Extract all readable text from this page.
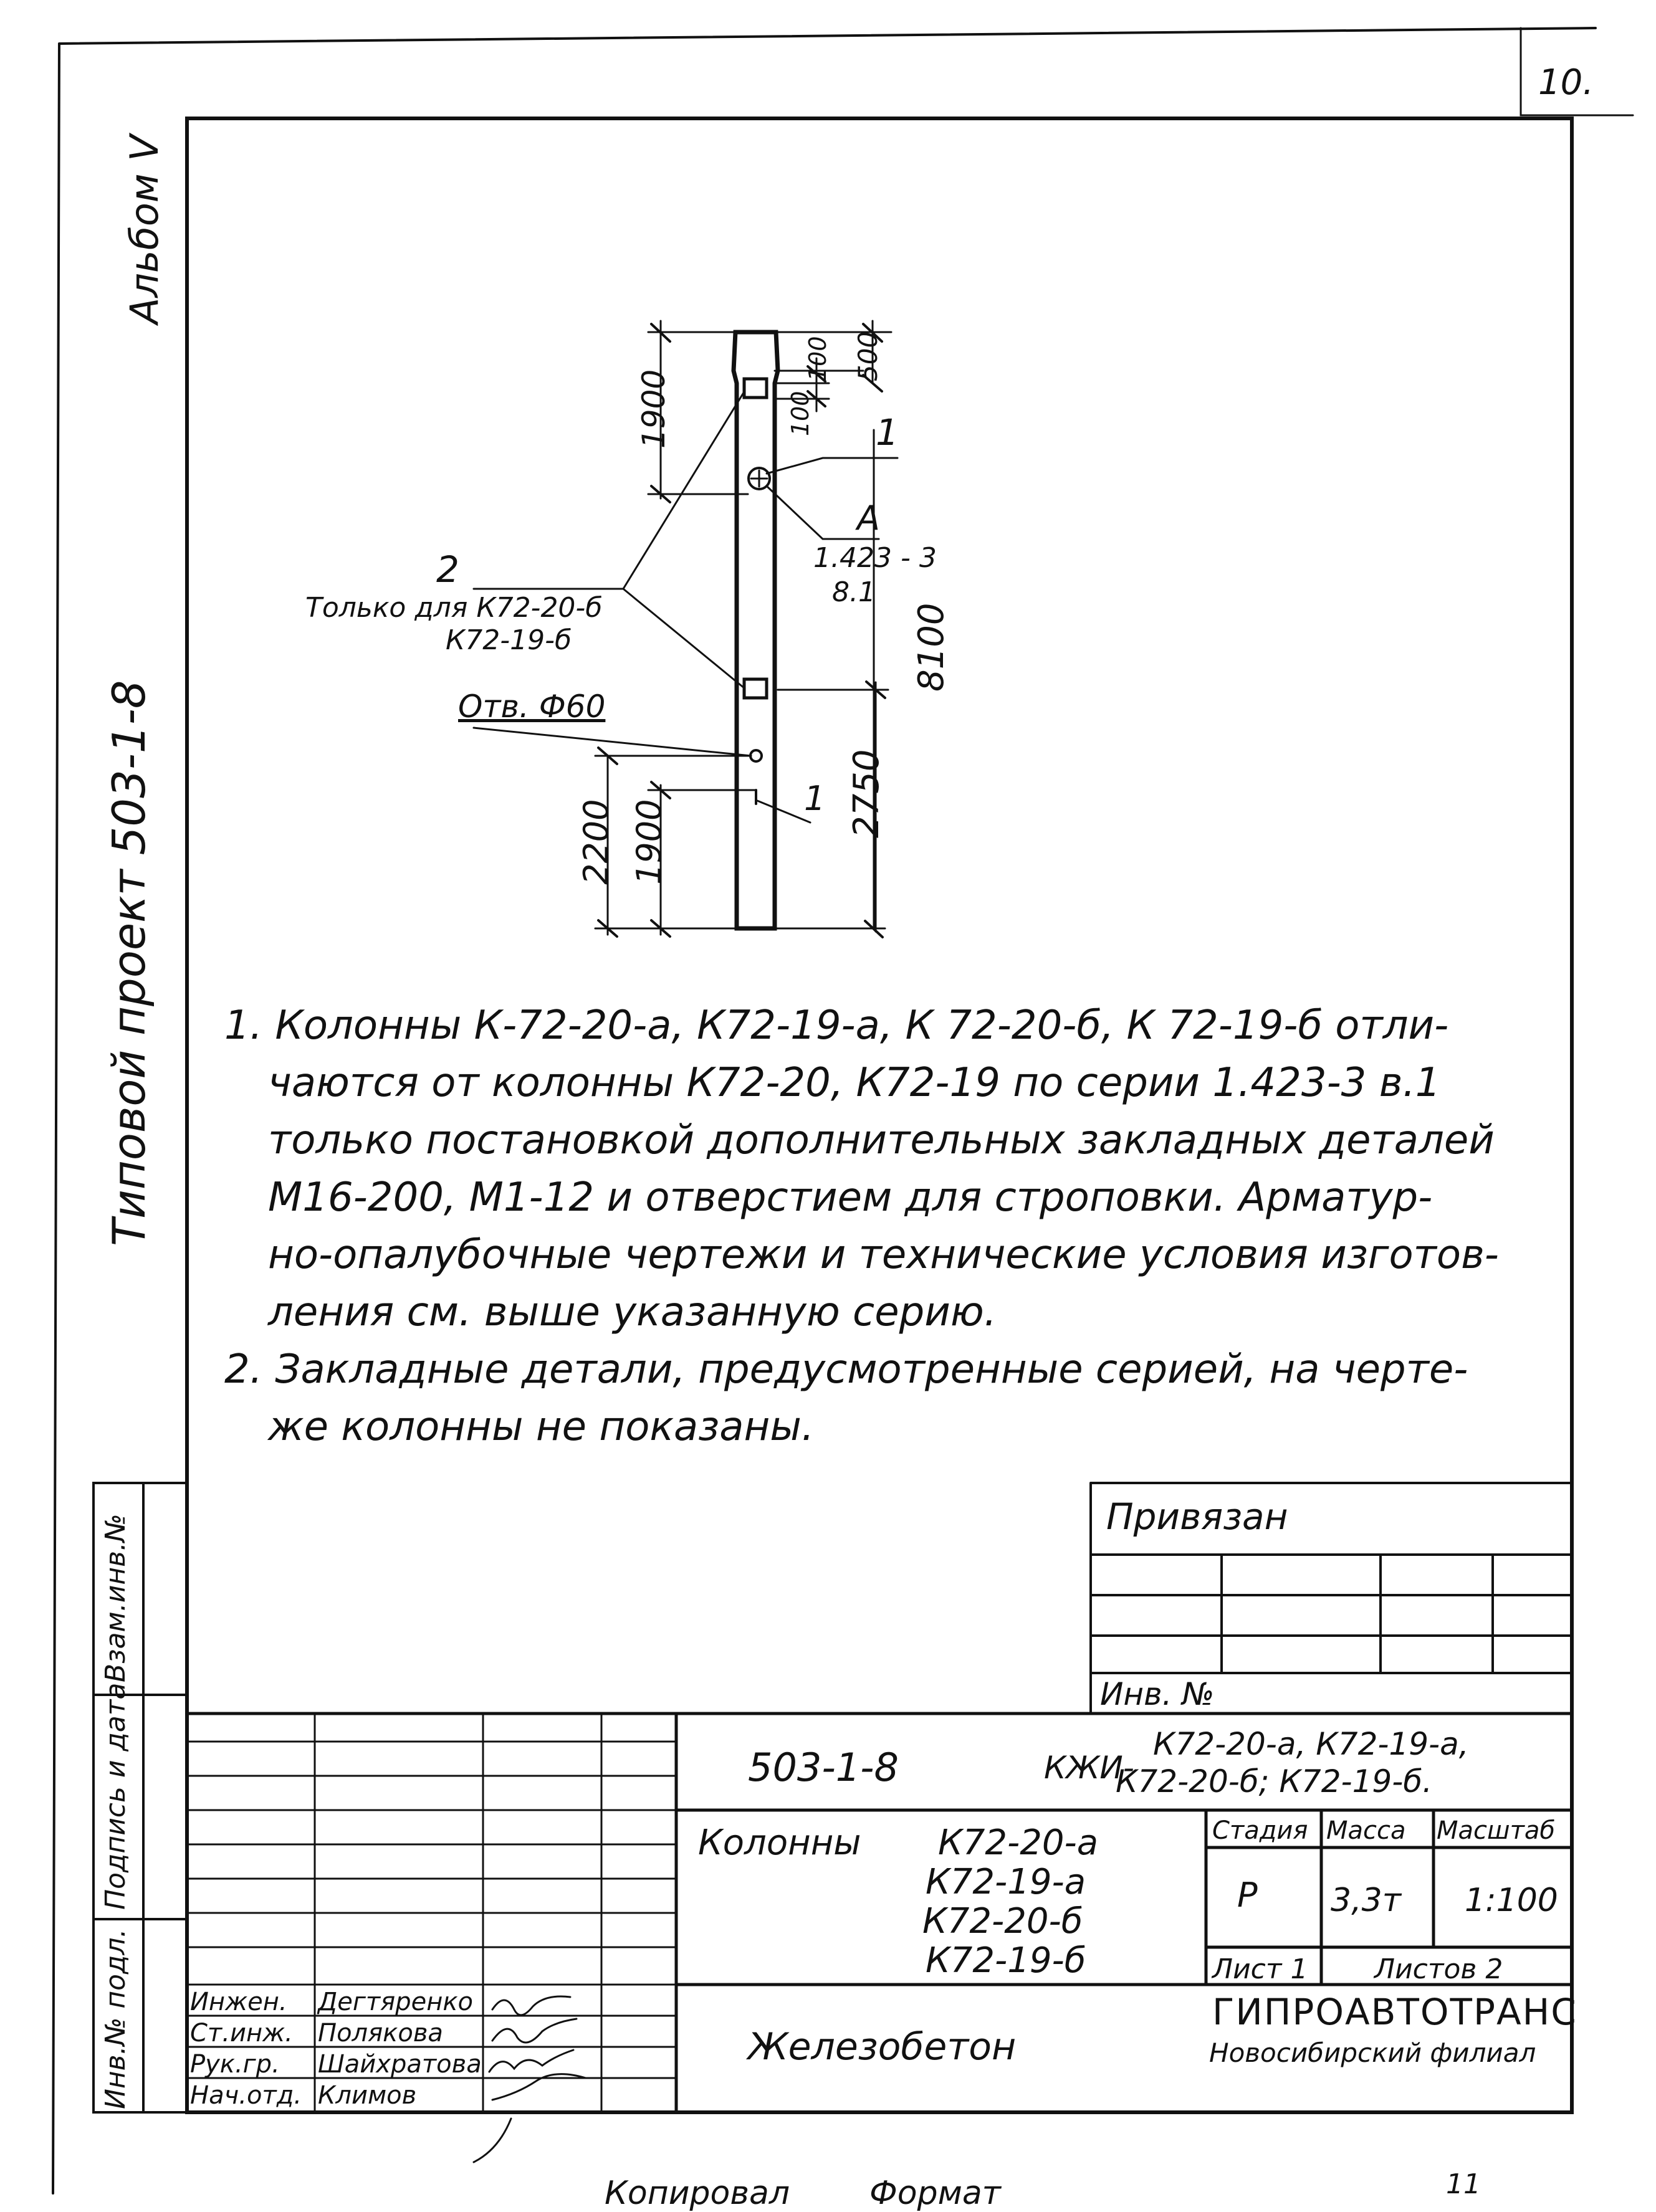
10.
Альбом V
Типовой проект 503-1-8
Взам.инв.№
Подпись и дата
Инв.№ подл.
1900
100
100
500
8100
2750
2200 1900
1
A
1.423 - 3
8.1
2
Только для К72-20-б
К72-19-б
Отв. Ф60
1

1. Колонны К-72-20-а, К72-19-а, К 72-20-б, К 72-19-б отли-

чаются от колонны К72-20, К72-19 по серии 1.423-3 в.1

только постановкой дополнительных закладных деталей

М16-200, М1-12 и отверстием для строповки. Арматур-

но-опалубочные чертежи и технические условия изготов-

ления см. выше указанную серию.

2. Закладные детали, предусмотренные серией, на черте-

же колонны не показаны.

Привязан
Инв. №
503-1-8	КЖИ-
К72-20-а, К72-19-а,
К72-20-б; К72-19-б.
Колонны К72-20-а
К72-19-а
К72-20-б
К72-19-б
Стадия Масса Масштаб
Р 3,3т 1:100
Лист 1 Листов 2
Железобетон
ГИПРОАВТОТРАНС
Новосибирский филиал
Инжен. Дегтяренко
Ст.инж. Полякова
Рук.гр. Шайхратова
Нач.отд. Климов
Копировал Формат	11
